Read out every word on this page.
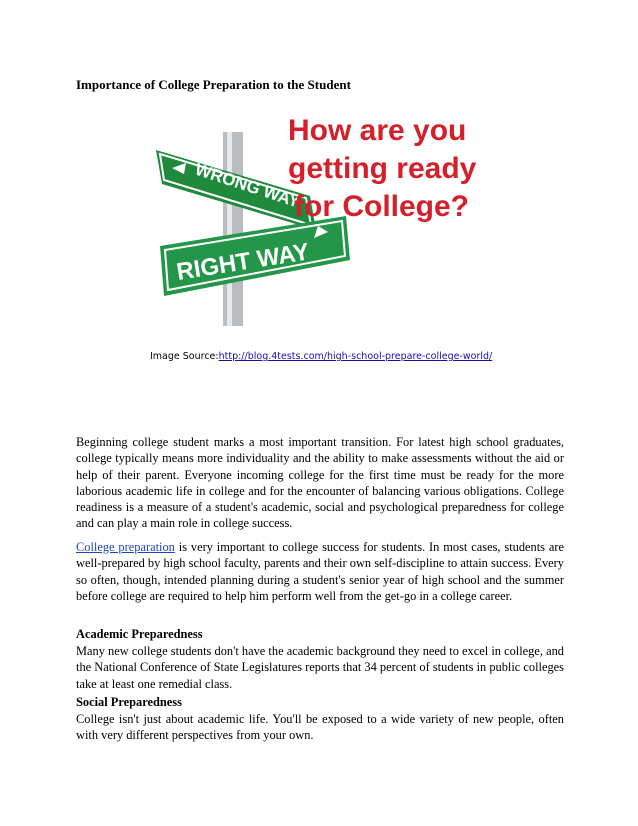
Importance of College Preparation to the Student
WRONG WAY
RIGHT WAY
How are you
getting ready
for College?
Image Source:http://blog.4tests.com/high-school-prepare-college-world/

Beginning college student marks a most important transition. For latest high school graduates, college typically means more individuality and the ability to make assessments without the aid or help of their parent. Everyone incoming college for the first time must be ready for the more laborious academic life in college and for the encounter of balancing various obligations. College readiness is a measure of a student's academic, social and psychological preparedness for college and can play a main role in college success.

College preparation is very important to college success for students. In most cases, students are well-prepared by high school faculty, parents and their own self-discipline to attain success. Every so often, though, intended planning during a student's senior year of high school and the summer before college are required to help him perform well from the get-go in a college career.

Academic Preparedness

Many new college students don't have the academic background they need to excel in college, and the National Conference of State Legislatures reports that 34 percent of students in public colleges take at least one remedial class.

Social Preparedness

College isn't just about academic life. You'll be exposed to a wide variety of new people, often with very different perspectives from your own.
